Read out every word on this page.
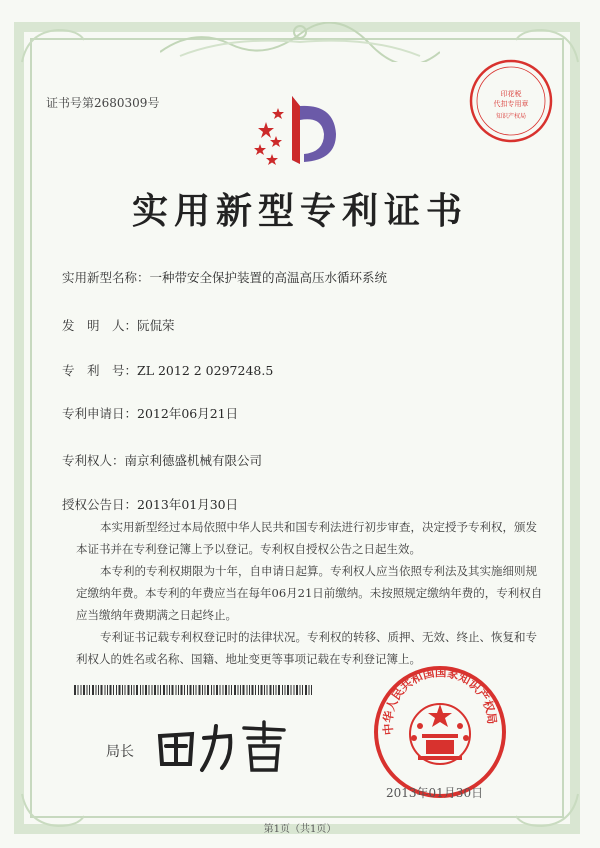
证书号第2680309号
印花税
代扣专用章
知识产权局
实用新型专利证书
实用新型名称：一种带安全保护装置的高温高压水循环系统
发　明　人：阮侃荣
专　利　号：ZL 2012 2 0297248.5
专利申请日：2012年06月21日
专利权人：南京利德盛机械有限公司
授权公告日：2013年01月30日

本实用新型经过本局依照中华人民共和国专利法进行初步审查，决定授予专利权，颁发本证书并在专利登记簿上予以登记。专利权自授权公告之日起生效。

本专利的专利权期限为十年，自申请日起算。专利权人应当依照专利法及其实施细则规定缴纳年费。本专利的年费应当在每年06月21日前缴纳。未按照规定缴纳年费的，专利权自应当缴纳年费期满之日起终止。

专利证书记载专利权登记时的法律状况。专利权的转移、质押、无效、终止、恢复和专利权人的姓名或名称、国籍、地址变更等事项记载在专利登记簿上。

局长
中华人民共和国国家知识产权局
2013年01月30日
第1页（共1页）
